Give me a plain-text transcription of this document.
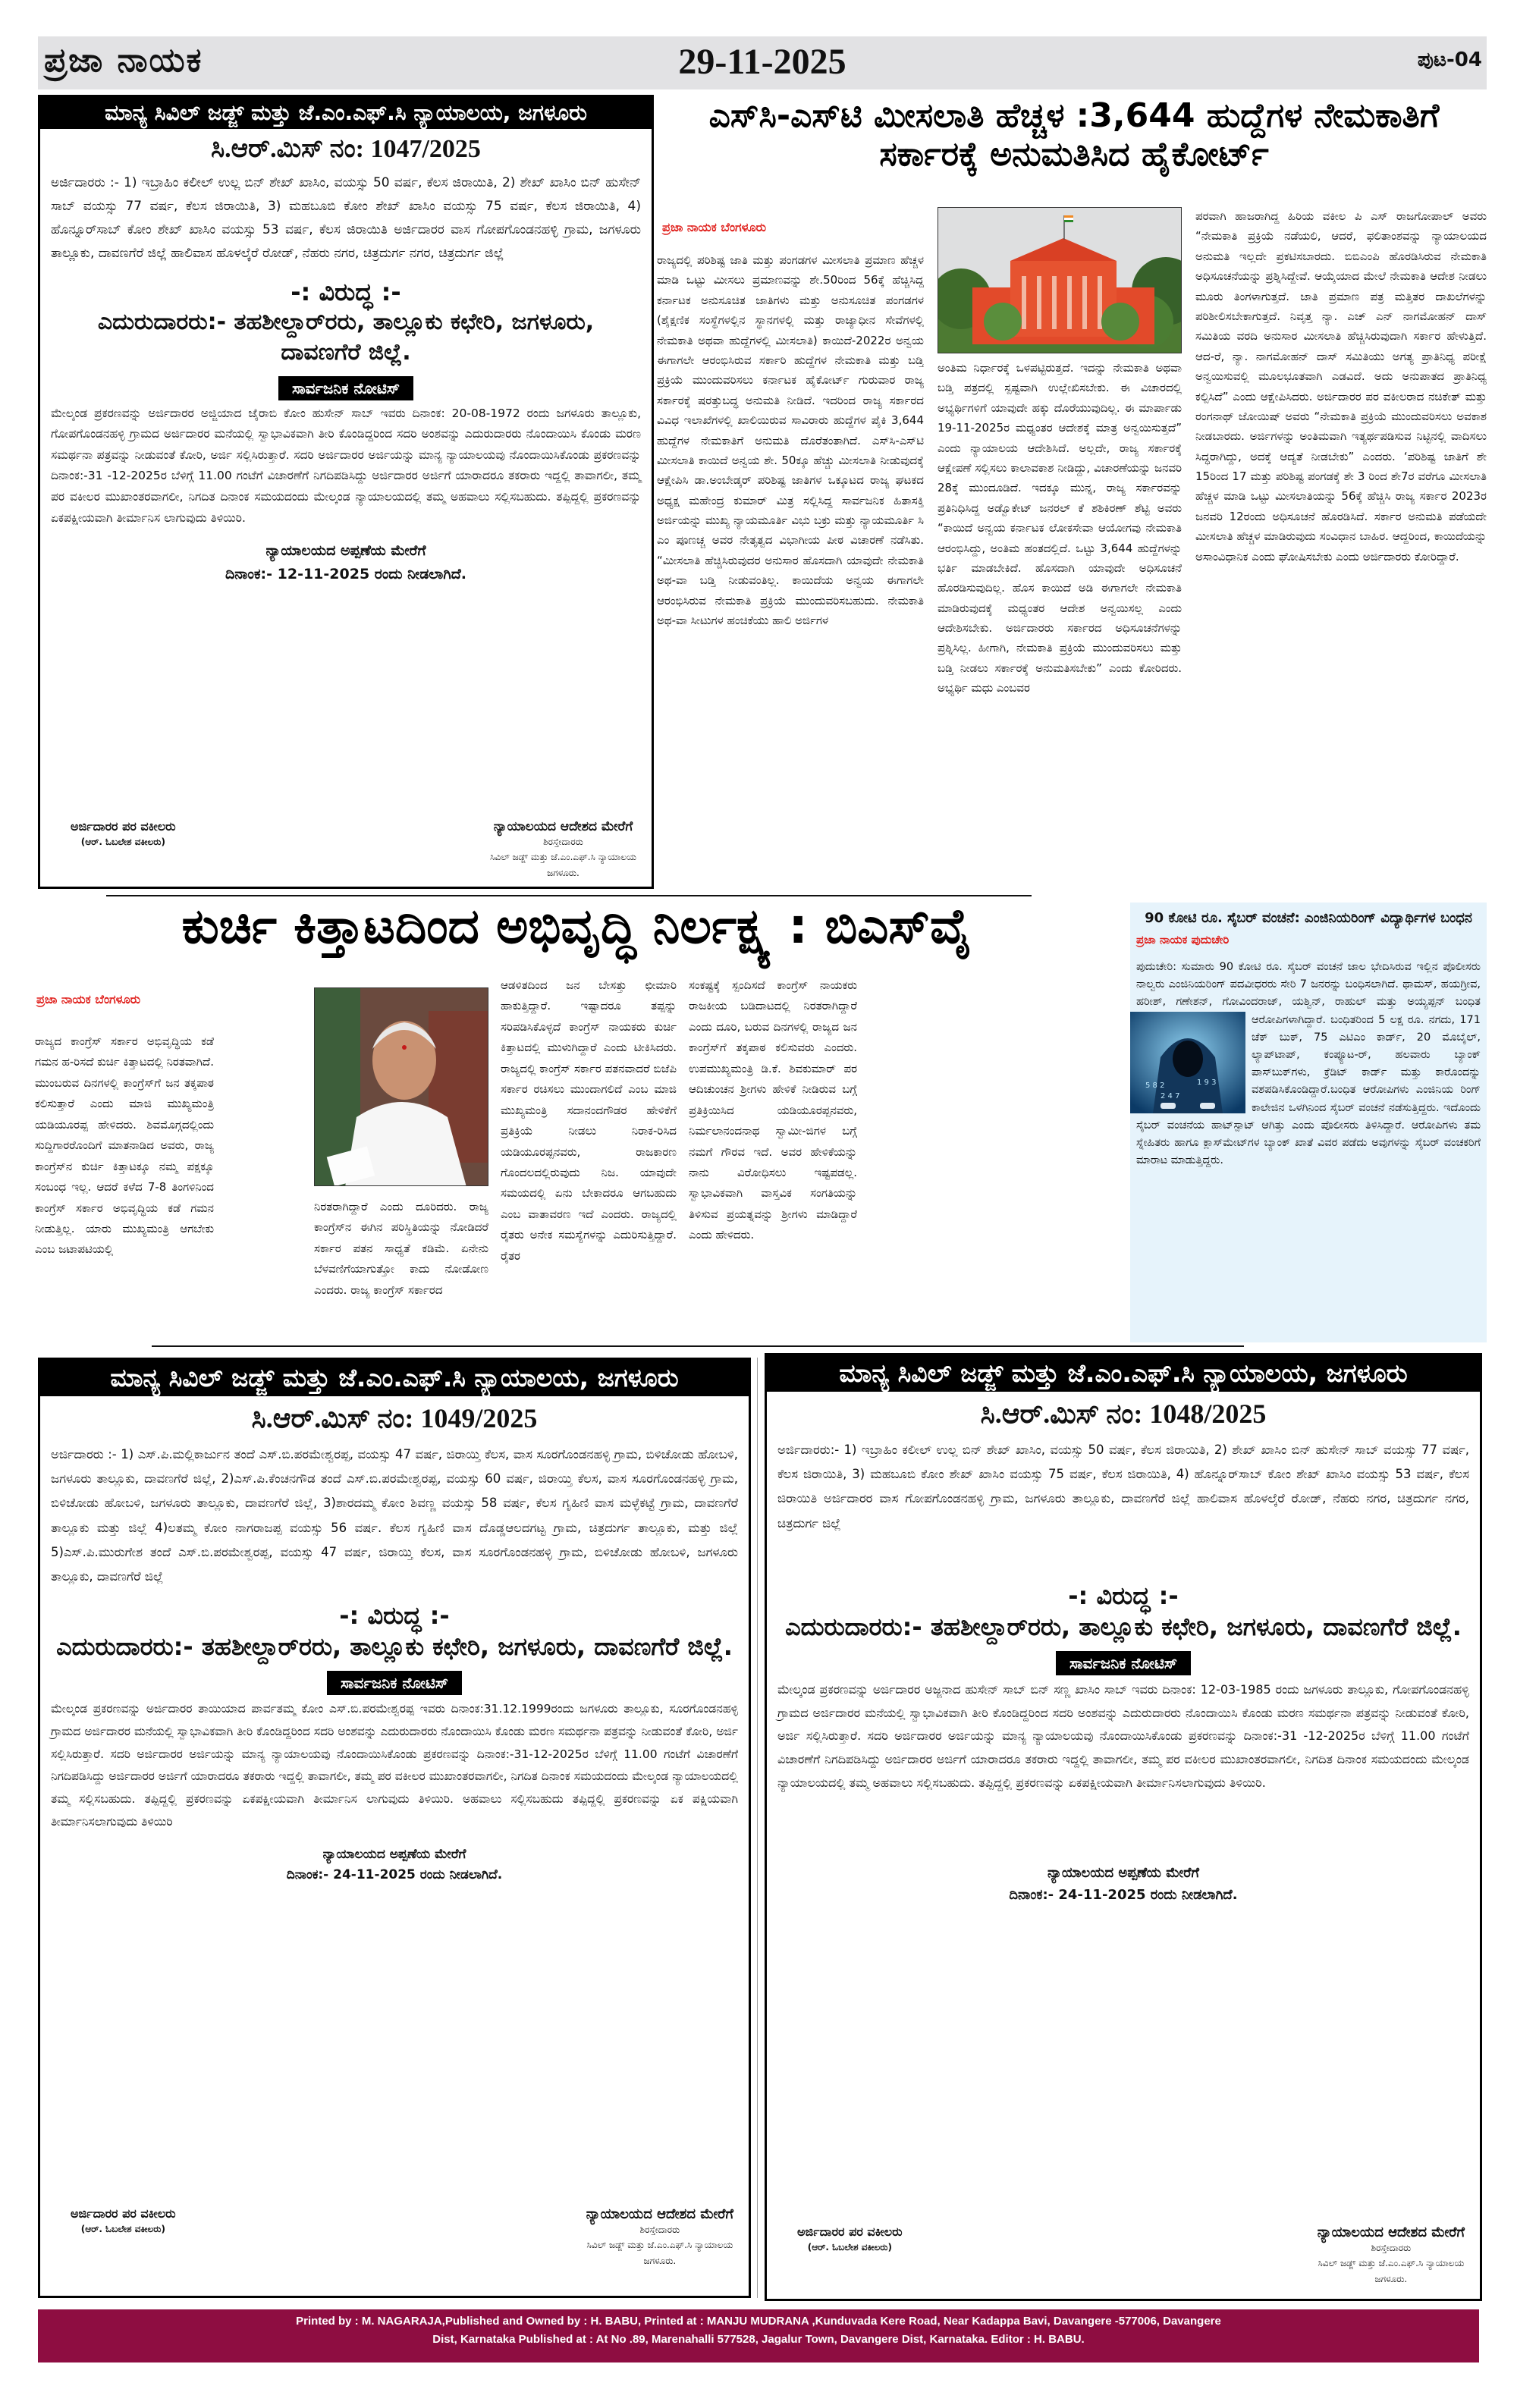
ಪ್ರಜಾ ನಾಯಕ	29-11-2025	ಪುಟ-04
ಮಾನ್ಯ ಸಿವಿಲ್ ಜಡ್ಜ್ ಮತ್ತು ಜೆ.ಎಂ.ಎಫ್.ಸಿ ನ್ಯಾಯಾಲಯ, ಜಗಳೂರು
ಸಿ.ಆರ್.ಮಿಸ್ ನಂ: 1047/2025
ಅರ್ಜಿದಾರರು :- 1) ಇಬ್ರಾಹಿಂ ಕಲೀಲ್ ಉಲ್ಲ ಬಿನ್ ಶೇಖ್ ಖಾಸಿಂ, ವಯಸ್ಸು 50 ವರ್ಷ, ಕೆಲಸ ಜಿರಾಯಿತಿ, 2) ಶೇಖ್ ಖಾಸಿಂ ಬಿನ್ ಹುಸೇನ್ ಸಾಬ್ ವಯಸ್ಸು 77 ವರ್ಷ, ಕೆಲಸ ಜಿರಾಯಿತಿ, 3) ಮಹಬೂಬಿ ಕೋಂ ಶೇಖ್ ಖಾಸಿಂ ವಯಸ್ಸು 75 ವರ್ಷ, ಕೆಲಸ ಜಿರಾಯಿತಿ, 4) ಹೊನ್ನೂರ್‌ಸಾಬ್ ಕೋಂ ಶೇಖ್ ಖಾಸಿಂ ವಯಸ್ಸು 53 ವರ್ಷ, ಕೆಲಸ ಜಿರಾಯಿತಿ ಅರ್ಜಿದಾರರ ವಾಸ ಗೋಪಗೊಂಡನಹಳ್ಳಿ ಗ್ರಾಮ, ಜಗಳೂರು ತಾಲ್ಲೂಕು, ದಾವಣಗೆರೆ ಜಿಲ್ಲೆ ಹಾಲಿವಾಸ ಹೊಳಲ್ಕೆರೆ ರೋಡ್, ನೆಹರು ನಗರ, ಚಿತ್ರದುರ್ಗ ನಗರ, ಚಿತ್ರದುರ್ಗ ಜಿಲ್ಲೆ
-: ವಿರುದ್ಧ :-
ಎದುರುದಾರರು:- ತಹಶೀಲ್ದಾರ್‌ರರು, ತಾಲ್ಲೂಕು ಕಛೇರಿ, ಜಗಳೂರು, ದಾವಣಗೆರೆ ಜಿಲ್ಲೆ.
ಸಾರ್ವಜನಿಕ ನೋಟಿಸ್
ಮೇಲ್ಕಂಡ ಪ್ರಕರಣವನ್ನು ಅರ್ಜಿದಾರರ ಅಜ್ಜಿಯಾದ ಜೈರಾಬಿ ಕೋಂ ಹುಸೇನ್ ಸಾಬ್ ಇವರು ದಿನಾಂಕ: 20-08-1972 ರಂದು ಜಗಳೂರು ತಾಲ್ಲೂಕು, ಗೋಪಗೊಂಡನಹಳ್ಳಿ ಗ್ರಾಮದ ಅರ್ಜಿದಾರರ ಮನೆಯಲ್ಲಿ ಸ್ವಾಭಾವಿಕವಾಗಿ ತೀರಿ ಕೊಂಡಿದ್ದರಿಂದ ಸದರಿ ಅಂಶವನ್ನು ಎದುರುದಾರರು ನೊಂದಾಯಿಸಿ ಕೊಂಡು ಮರಣ ಸಮರ್ಥನಾ ಪತ್ರವನ್ನು ನೀಡುವಂತೆ ಕೋರಿ, ಅರ್ಜಿ ಸಲ್ಲಿಸಿರುತ್ತಾರೆ. ಸದರಿ ಅರ್ಜಿದಾರರ ಅರ್ಜಿಯನ್ನು ಮಾನ್ಯ ನ್ಯಾಯಾಲಯವು ನೊಂದಾಯಿಸಿಕೊಂಡು ಪ್ರಕರಣವನ್ನು ದಿನಾಂಕ:-31 -12-2025ರ ಬೆಳಿಗ್ಗೆ 11.00 ಗಂಟೆಗೆ ವಿಚಾರಣೆಗೆ ನಿಗದಿಪಡಿಸಿದ್ದು ಅರ್ಜಿದಾರರ ಅರ್ಜಿಗೆ ಯಾರಾದರೂ ತಕರಾರು ಇದ್ದಲ್ಲಿ ತಾವಾಗಲೀ, ತಮ್ಮ ಪರ ವಕೀಲರ ಮುಖಾಂತರವಾಗಲೀ, ನಿಗದಿತ ದಿನಾಂಕ ಸಮಯದಂದು ಮೇಲ್ಕಂಡ ನ್ಯಾಯಾಲಯದಲ್ಲಿ ತಮ್ಮ ಅಹವಾಲು ಸಲ್ಲಿಸಬಹುದು. ತಪ್ಪಿದ್ದಲ್ಲಿ ಪ್ರಕರಣವನ್ನು ಏಕಪಕ್ಷೀಯವಾಗಿ ತೀರ್ಮಾನಿಸ ಲಾಗುವುದು ತಿಳಿಯಿರಿ.
ನ್ಯಾಯಾಲಯದ ಅಪ್ಪಣೆಯ ಮೇರೆಗೆ
ದಿನಾಂಕ:- 12-11-2025 ರಂದು ನೀಡಲಾಗಿದೆ.
ಅರ್ಜಿದಾರರ ಪರ ವಕೀಲರು
(ಆರ್. ಓಬಲೇಶ ವಕೀಲರು)
ನ್ಯಾಯಾಲಯದ ಆದೇಶದ ಮೇರೆಗೆ
ಶಿರಸ್ತೇದಾರರು
ಸಿವಿಲ್ ಜಡ್ಜ್ ಮತ್ತು ಜೆ.ಎಂ.ಎಫ್.ಸಿ ನ್ಯಾಯಾಲಯ
ಜಗಳೂರು.
ಎಸ್‌ಸಿ-ಎಸ್‌ಟಿ ಮೀಸಲಾತಿ ಹೆಚ್ಚಳ :3,644 ಹುದ್ದೆಗಳ ನೇಮಕಾತಿಗೆ ಸರ್ಕಾರಕ್ಕೆ ಅನುಮತಿಸಿದ ಹೈಕೋರ್ಟ್
ಪ್ರಜಾ ನಾಯಕ ಬೆಂಗಳೂರು
ರಾಜ್ಯದಲ್ಲಿ ಪರಿಶಿಷ್ಟ ಜಾತಿ ಮತ್ತು ಪಂಗಡಗಳ ಮೀಸಲಾತಿ ಪ್ರಮಾಣ ಹೆಚ್ಚಳ ಮಾಡಿ ಒಟ್ಟು ಮೀಸಲು ಪ್ರಮಾಣವನ್ನು ಶೇ.50ರಿಂದ 56ಕ್ಕೆ ಹೆಚ್ಚಿಸಿದ್ದ ಕರ್ನಾಟಕ ಅನುಸೂಚಿತ ಜಾತಿಗಳು ಮತ್ತು ಅನುಸೂಚಿತ ಪಂಗಡಗಳ (ಶೈಕ್ಷಣಿಕ ಸಂಸ್ಥೆಗಳಲ್ಲಿನ ಸ್ಥಾನಗಳಲ್ಲಿ ಮತ್ತು ರಾಜ್ಯಾಧೀನ ಸೇವೆಗಳಲ್ಲಿ ನೇಮಕಾತಿ ಅಥವಾ ಹುದ್ದೆಗಳಲ್ಲಿ ಮೀಸಲಾತಿ) ಕಾಯಿದೆ-2022ರ ಅನ್ವಯ ಈಗಾಗಲೇ ಆರಂಭಿಸಿರುವ ಸರ್ಕಾರಿ ಹುದ್ದೆಗಳ ನೇಮಕಾತಿ ಮತ್ತು ಬಡ್ತಿ ಪ್ರಕ್ರಿಯೆ ಮುಂದುವರಿಸಲು ಕರ್ನಾಟಕ ಹೈಕೋರ್ಟ್ ಗುರುವಾರ ರಾಜ್ಯ ಸರ್ಕಾರಕ್ಕೆ ಷರತ್ತುಬದ್ಧ ಅನುಮತಿ ನೀಡಿದೆ. ಇದರಿಂದ ರಾಜ್ಯ ಸರ್ಕಾರದ ವಿವಿಧ ಇಲಾಖೆಗಳಲ್ಲಿ ಖಾಲಿಯಿರುವ ಸಾವಿರಾರು ಹುದ್ದೆಗಳ ಪೈಕಿ 3,644 ಹುದ್ದೆಗಳ ನೇಮಕಾತಿಗೆ ಅನುಮತಿ ದೊರೆತಂತಾಗಿದೆ. ಎಸ್‌ಸಿ-ಎಸ್‌ಟಿ ಮೀಸಲಾತಿ ಕಾಯಿದೆ ಅನ್ವಯ ಶೇ. 50ಕ್ಕೂ ಹೆಚ್ಚು ಮೀಸಲಾತಿ ನೀಡುವುದಕ್ಕೆ ಆಕ್ಷೇಪಿಸಿ ಡಾ.ಅಂಬೇಡ್ಕರ್ ಪರಿಶಿಷ್ಟ ಜಾತಿಗಳ ಒಕ್ಕೂಟದ ರಾಜ್ಯ ಘಟಕದ ಅಧ್ಯಕ್ಷ ಮಹೇಂದ್ರ ಕುಮಾರ್ ಮಿತ್ರ ಸಲ್ಲಿಸಿದ್ದ ಸಾರ್ವಜನಿಕ ಹಿತಾಸಕ್ತಿ ಅರ್ಜಿಯನ್ನು ಮುಖ್ಯ ನ್ಯಾಯಮೂರ್ತಿ ವಿಭು ಬಕ್ರು ಮತ್ತು ನ್ಯಾಯಮೂರ್ತಿ ಸಿ ಎಂ ಪೂಣಚ್ಚ ಅವರ ನೇತೃತ್ವದ ವಿಭಾಗೀಯ ಪೀಠ ವಿಚಾರಣೆ ನಡೆಸಿತು. “ಮೀಸಲಾತಿ ಹೆಚ್ಚಿಸಿರುವುದರ ಅನುಸಾರ ಹೊಸದಾಗಿ ಯಾವುದೇ ನೇಮಕಾತಿ ಅಥ-ವಾ ಬಡ್ತಿ ನೀಡುವಂತಿಲ್ಲ. ಕಾಯಿದೆಯ ಅನ್ವಯ ಈಗಾಗಲೇ ಆರಂಭಿಸಿರುವ ನೇಮಕಾತಿ ಪ್ರಕ್ರಿಯೆ ಮುಂದುವರಿಸಬಹುದು. ನೇಮಕಾತಿ ಅಥ-ವಾ ಸೀಟುಗಳ ಹಂಚಿಕೆಯು ಹಾಲಿ ಅರ್ಜಿಗಳ
ಅಂತಿಮ ನಿರ್ಧಾರಕ್ಕೆ ಒಳಪಟ್ಟಿರುತ್ತದೆ. ಇದನ್ನು ನೇಮಕಾತಿ ಅಥವಾ ಬಡ್ತಿ ಪತ್ರದಲ್ಲಿ ಸ್ಪಷ್ಟವಾಗಿ ಉಲ್ಲೇಖಿಸಬೇಕು. ಈ ವಿಚಾರದಲ್ಲಿ ಅಭ್ಯರ್ಥಿಗಳಿಗೆ ಯಾವುದೇ ಹಕ್ಕು ದೊರೆಯುವುದಿಲ್ಲ. ಈ ಮಾರ್ಪಾಡು 19-11-2025ರ ಮಧ್ಯಂತರ ಆದೇಶಕ್ಕೆ ಮಾತ್ರ ಅನ್ವಯಿಸುತ್ತದೆ” ಎಂದು ನ್ಯಾಯಾಲಯ ಆದೇಶಿಸಿದೆ. ಅಲ್ಲದೇ, ರಾಜ್ಯ ಸರ್ಕಾರಕ್ಕೆ ಆಕ್ಷೇಪಣೆ ಸಲ್ಲಿಸಲು ಕಾಲಾವಕಾಶ ನೀಡಿದ್ದು, ವಿಚಾರಣೆಯನ್ನು ಜನವರಿ 28ಕ್ಕೆ ಮುಂದೂಡಿದೆ. ಇದಕ್ಕೂ ಮುನ್ನ, ರಾಜ್ಯ ಸರ್ಕಾರವನ್ನು ಪ್ರತಿನಿಧಿಸಿದ್ದ ಅಡ್ವೊಕೇಟ್ ಜನರಲ್ ಕೆ ಶಶಿಕಿರಣ್ ಶೆಟ್ಟಿ ಅವರು “ಕಾಯಿದೆ ಅನ್ವಯ ಕರ್ನಾಟಕ ಲೋಕಸೇವಾ ಆಯೋಗವು ನೇಮಕಾತಿ ಆರಂಭಿಸಿದ್ದು, ಅಂತಿಮ ಹಂತದಲ್ಲಿದೆ. ಒಟ್ಟು 3,644 ಹುದ್ದೆಗಳನ್ನು ಭರ್ತಿ ಮಾಡಬೇಕಿದೆ. ಹೊಸದಾಗಿ ಯಾವುದೇ ಅಧಿಸೂಚನೆ ಹೊರಡಿಸುವುದಿಲ್ಲ. ಹೊಸ ಕಾಯಿದೆ ಅಡಿ ಈಗಾಗಲೇ ನೇಮಕಾತಿ ಮಾಡಿರುವುದಕ್ಕೆ ಮಧ್ಯಂತರ ಆದೇಶ ಅನ್ವಯಿಸಲ್ಲ ಎಂದು ಆದೇಶಿಸಬೇಕು. ಅರ್ಜಿದಾರರು ಸರ್ಕಾರದ ಅಧಿಸೂಚನೆಗಳನ್ನು ಪ್ರಶ್ನಿಸಿಲ್ಲ. ಹೀಗಾಗಿ, ನೇಮಕಾತಿ ಪ್ರಕ್ರಿಯೆ ಮುಂದುವರಿಸಲು ಮತ್ತು ಬಡ್ತಿ ನೀಡಲು ಸರ್ಕಾರಕ್ಕೆ ಅನುಮತಿಸಬೇಕು” ಎಂದು ಕೋರಿದರು. ಅಭ್ಯರ್ಥಿ ಮಧು ಎಂಬವರ
ಪರವಾಗಿ ಹಾಜರಾಗಿದ್ದ ಹಿರಿಯ ವಕೀಲ ಪಿ ಎಸ್ ರಾಜಗೋಪಾಲ್ ಅವರು “ನೇಮಕಾತಿ ಪ್ರಕ್ರಿಯೆ ನಡೆಯಲಿ, ಆದರೆ, ಫಲಿತಾಂಶವನ್ನು ನ್ಯಾಯಾಲಯದ ಅನುಮತಿ ಇಲ್ಲದೇ ಪ್ರಕಟಿಸಬಾರದು. ಬಿಬಿಎಂಪಿ ಹೊರಡಿಸಿರುವ ನೇಮಕಾತಿ ಅಧಿಸೂಚನೆಯನ್ನು ಪ್ರಶ್ನಿಸಿದ್ದೇವೆ. ಆಯ್ಕೆಯಾದ ಮೇಲೆ ನೇಮಕಾತಿ ಆದೇಶ ನೀಡಲು ಮೂರು ತಿಂಗಳಾಗುತ್ತದೆ. ಜಾತಿ ಪ್ರಮಾಣ ಪತ್ರ ಮತ್ತಿತರ ದಾಖಲೆಗಳನ್ನು ಪರಿಶೀಲಿಸಬೇಕಾಗುತ್ತದೆ. ನಿವೃತ್ತ ನ್ಯಾ. ಎಚ್ ಎನ್ ನಾಗಮೋಹನ್ ದಾಸ್ ಸಮಿತಿಯ ವರದಿ ಅನುಸಾರ ಮೀಸಲಾತಿ ಹೆಚ್ಚಿಸಿರುವುದಾಗಿ ಸರ್ಕಾರ ಹೇಳುತ್ತಿದೆ. ಆದ-ರೆ, ನ್ಯಾ. ನಾಗಮೋಹನ್ ದಾಸ್ ಸಮಿತಿಯು ಅಗತ್ಯ ಪ್ರಾತಿನಿಧ್ಯ ಪರೀಕ್ಷೆ ಅನ್ವಯಿಸುವಲ್ಲಿ ಮೂಲಭೂತವಾಗಿ ಎಡವಿದೆ. ಅದು ಅನುಪಾತದ ಪ್ರಾತಿನಿಧ್ಯ ಕಲ್ಪಿಸಿದೆ” ಎಂದು ಆಕ್ಷೇಪಿಸಿದರು. ಅರ್ಜಿದಾರರ ಪರ ವಕೀಲರಾದ ನಚಿಕೇತ್ ಮತ್ತು ರಂಗನಾಥ್ ಜೋಯಿಷ್ ಅವರು “ನೇಮಕಾತಿ ಪ್ರಕ್ರಿಯೆ ಮುಂದುವರಿಸಲು ಅವಕಾಶ ನೀಡಬಾರದು. ಅರ್ಜಿಗಳನ್ನು ಅಂತಿಮವಾಗಿ ಇತ್ಯರ್ಥಪಡಿಸುವ ನಿಟ್ಟಿನಲ್ಲಿ ವಾದಿಸಲು ಸಿದ್ಧರಾಗಿದ್ದು, ಅದಕ್ಕೆ ಆದ್ಯತೆ ನೀಡಬೇಕು” ಎಂದರು. ‘ಪರಿಶಿಷ್ಟ ಜಾತಿಗೆ ಶೇ 15ರಿಂದ 17 ಮತ್ತು ಪರಿಶಿಷ್ಟ ಪಂಗಡಕ್ಕೆ ಶೇ 3 ರಿಂದ ಶೇ7ರ ವರೆಗೂ ಮೀಸಲಾತಿ ಹೆಚ್ಚಳ ಮಾಡಿ ಒಟ್ಟು ಮೀಸಲಾತಿಯನ್ನು 56ಕ್ಕೆ ಹೆಚ್ಚಿಸಿ ರಾಜ್ಯ ಸರ್ಕಾರ 2023ರ ಜನವರಿ 12ರಂದು ಅಧಿಸೂಚನೆ ಹೊರಡಿಸಿದೆ. ಸರ್ಕಾರ ಅನುಮತಿ ಪಡೆಯದೇ ಮೀಸಲಾತಿ ಹೆಚ್ಚಳ ಮಾಡಿರುವುದು ಸಂವಿಧಾನ ಬಾಹಿರ. ಆದ್ದರಿಂದ, ಕಾಯಿದೆಯನ್ನು ಅಸಾಂವಿಧಾನಿಕ ಎಂದು ಘೋಷಿಸಬೇಕು ಎಂದು ಅರ್ಜಿದಾರರು ಕೋರಿದ್ದಾರೆ.
ಕುರ್ಚಿ ಕಿತ್ತಾಟದಿಂದ ಅಭಿವೃದ್ಧಿ ನಿರ್ಲಕ್ಷ್ಯ : ಬಿಎಸ್‌ವೈ
ಪ್ರಜಾ ನಾಯಕ ಬೆಂಗಳೂರು
ರಾಜ್ಯದ ಕಾಂಗ್ರೆಸ್ ಸರ್ಕಾರ ಅಭಿವೃದ್ಧಿಯ ಕಡೆ ಗಮನ ಹ-ರಿಸದೆ ಕುರ್ಚಿ ಕಿತ್ತಾಟದಲ್ಲಿ ನಿರತವಾಗಿದೆ. ಮುಂಬರುವ ದಿನಗಳಲ್ಲಿ ಕಾಂಗ್ರೆಸ್‌ಗೆ ಜನ ತಕ್ಕಪಾಠ ಕಲಿಸುತ್ತಾರೆ ಎಂದು ಮಾಜಿ ಮುಖ್ಯಮಂತ್ರಿ ಯಡಿಯೂರಪ್ಪ ಹೇಳಿದರು. ಶಿವಮೊಗ್ಗದಲ್ಲಿಂದು ಸುದ್ದಿಗಾರರೊಂದಿಗೆ ಮಾತನಾಡಿದ ಅವರು, ರಾಜ್ಯ ಕಾಂಗ್ರೆಸ್‌ನ ಕುರ್ಚಿ ಕಿತ್ತಾಟಕ್ಕೂ ನಮ್ಮ ಪಕ್ಷಕ್ಕೂ ಸಂಬಂಧ ಇಲ್ಲ. ಆದರೆ ಕಳೆದ 7-8 ತಿಂಗಳಿನಿಂದ ಕಾಂಗ್ರೆಸ್ ಸರ್ಕಾರ ಅಭಿವೃದ್ಧಿಯ ಕಡೆ ಗಮನ ನೀಡುತ್ತಿಲ್ಲ. ಯಾರು ಮುಖ್ಯಮಂತ್ರಿ ಆಗಬೇಕು ಎಂಬ ಜಟಾಪಟಿಯಲ್ಲಿ
ನಿರತರಾಗಿದ್ದಾರೆ ಎಂದು ದೂರಿದರು. ರಾಜ್ಯ ಕಾಂಗ್ರೆಸ್‌ನ ಈಗಿನ ಪರಿಸ್ಥಿತಿಯನ್ನು ನೋಡಿದರೆ ಸರ್ಕಾರ ಪತನ ಸಾಧ್ಯತೆ ಕಡಿಮೆ. ಏನೇನು ಬೆಳವಣಿಗೆಯಾಗುತ್ತೋ ಕಾದು ನೋಡೋಣ ಎಂದರು. ರಾಜ್ಯ ಕಾಂಗ್ರೆಸ್ ಸರ್ಕಾರದ
ಆಡಳಿತದಿಂದ ಜನ ಬೇಸತ್ತು ಛೀಮಾರಿ ಹಾಕುತ್ತಿದ್ದಾರೆ. ಇಷ್ಟಾದರೂ ತಪ್ಪನ್ನು ಸರಿಪಡಿಸಿಕೊಳ್ಳದೆ ಕಾಂಗ್ರೆಸ್ ನಾಯಕರು ಕುರ್ಚಿ ಕಿತ್ತಾಟದಲ್ಲಿ ಮುಳುಗಿದ್ದಾರೆ ಎಂದು ಟೀಕಿಸಿದರು. ರಾಜ್ಯದಲ್ಲಿ ಕಾಂಗ್ರೆಸ್ ಸರ್ಕಾರ ಪತನವಾದರೆ ಬಿಜೆಪಿ ಸರ್ಕಾರ ರಚಿಸಲು ಮುಂದಾಗಲಿದೆ ಎಂಬ ಮಾಜಿ ಮುಖ್ಯಮಂತ್ರಿ ಸದಾನಂದಗೌಡರ ಹೇಳಿಕೆಗೆ ಪ್ರತಿಕ್ರಿಯೆ ನೀಡಲು ನಿರಾಕ-ರಿಸಿದ ಯಡಿಯೂರಪ್ಪನವರು, ರಾಜಕಾರಣ ಗೊಂದಲದಲ್ಲಿರುವುದು ನಿಜ. ಯಾವುದೇ ಸಮಯದಲ್ಲಿ ಏನು ಬೇಕಾದರೂ ಆಗಬಹುದು ಎಂಬ ವಾತಾವರಣ ಇದೆ ಎಂದರು. ರಾಜ್ಯದಲ್ಲಿ ರೈತರು ಅನೇಕ ಸಮಸ್ಯೆಗಳನ್ನು ಎದುರಿಸುತ್ತಿದ್ದಾರೆ. ರೈತರ
ಸಂಕಷ್ಟಕ್ಕೆ ಸ್ಪಂದಿಸದೆ ಕಾಂಗ್ರೆಸ್ ನಾಯಕರು ರಾಜಕೀಯ ಬಡಿದಾಟದಲ್ಲಿ ನಿರತರಾಗಿದ್ದಾರೆ ಎಂದು ದೂರಿ, ಬರುವ ದಿನಗಳಲ್ಲಿ ರಾಜ್ಯದ ಜನ ಕಾಂಗ್ರೆಸ್‌ಗೆ ತಕ್ಕಪಾಠ ಕಲಿಸುವರು ಎಂದರು. ಉಪಮುಖ್ಯಮಂತ್ರಿ ಡಿ.ಕೆ. ಶಿವಕುಮಾರ್ ಪರ ಆದಿಚುಂಚನ ಶ್ರೀಗಳು ಹೇಳಿಕೆ ನೀಡಿರುವ ಬಗ್ಗೆ ಪ್ರತಿಕ್ರಿಯಿಸಿದ ಯಡಿಯೂರಪ್ಪನವರು, ನಿರ್ಮಲಾನಂದನಾಥ ಸ್ವಾಮೀ-ಜಿಗಳ ಬಗ್ಗೆ ನಮಗೆ ಗೌರವ ಇದೆ. ಅವರ ಹೇಳಿಕೆಯನ್ನು ನಾನು ವಿರೋಧಿಸಲು ಇಷ್ಟಪಡಲ್ಲ. ಸ್ವಾಭಾವಿಕವಾಗಿ ವಾಸ್ತವಿಕ ಸಂಗತಿಯನ್ನು ತಿಳಿಸುವ ಪ್ರಯತ್ನವನ್ನು ಶ್ರೀಗಳು ಮಾಡಿದ್ದಾರೆ ಎಂದು ಹೇಳಿದರು.
90 ಕೋಟಿ ರೂ. ಸೈಬರ್ ವಂಚನೆ: ಎಂಜಿನಿಯರಿಂಗ್ ವಿದ್ಯಾರ್ಥಿಗಳ ಬಂಧನ
ಪ್ರಜಾ ನಾಯಕ ಪುದುಚೇರಿ
ಪುದುಚೇರಿ: ಸುಮಾರು 90 ಕೋಟಿ ರೂ. ಸೈಬರ್ ವಂಚನೆ ಜಾಲ ಭೇದಿಸಿರುವ ಇಲ್ಲಿನ ಪೊಲೀಸರು ನಾಲ್ವರು ಎಂಜಿನಿಯರಿಂಗ್ ಪದವೀಧರರು ಸೇರಿ 7 ಜನರನ್ನು ಬಂಧಿಸಲಾಗಿದೆ. ಥಾಮಸ್, ಹಯಗ್ರೀವ, ಹರೀಶ್, ಗಣೇಶನ್, ಗೋವಿಂದರಾಜ್, ಯಶ್ವಿನ್, ರಾಹುಲ್ ಮತ್ತು ಅಯ್ಯಪ್ಪನ್ ಬಂಧಿತ ಆರೋಪಿಗಳಾಗಿದ್ದಾರೆ.
5 8 2	1 9 3
2 4 7
ಬಂಧಿತರಿಂದ 5 ಲಕ್ಷ ರೂ. ನಗದು, 171 ಚೆಕ್ ಬುಕ್, 75 ಎಟಿಎಂ ಕಾರ್ಡ್, 20 ಮೊಬೈಲ್, ಲ್ಯಾಪ್‌ಟಾಪ್, ಕಂಪ್ಯೂಟ-ರ್, ಹಲವಾರು ಬ್ಯಾಂಕ್ ಪಾಸ್‌ಬುಕ್‌ಗಳು, ಕ್ರೆಡಿಟ್ ಕಾರ್ಡ್ ಮತ್ತು ಕಾರೊಂದನ್ನು ವಶಪಡಿಸಿಕೊಂಡಿದ್ದಾರೆ.ಬಂಧಿತ ಆರೋಪಿಗಳು ಎಂಜಿನಿಯ ರಿಂಗ್ ಕಾಲೇಜಿನ ಒಳಗಿನಿಂದ ಸೈಬರ್ ವಂಚನೆ ನಡೆಸುತ್ತಿದ್ದರು. ಇದೊಂದು ಸೈಬರ್ ವಂಚನೆಯ ಹಾಟ್‌ಸ್ಪಾಟ್ ಆಗಿತ್ತು ಎಂದು ಪೊಲೀಸರು ತಿಳಿಸಿದ್ದಾರೆ. ಆರೋಪಿಗಳು ತಮ ಸ್ನೇಹಿತರು ಹಾಗೂ ಕ್ಲಾಸ್‌ಮೇಟ್‌ಗಳ ಬ್ಯಾಂಕ್ ಖಾತೆ ವಿವರ ಪಡೆದು ಅವುಗಳನ್ನು ಸೈಬರ್ ವಂಚಕರಿಗೆ ಮಾರಾಟ ಮಾಡುತ್ತಿದ್ದರು.
ಮಾನ್ಯ ಸಿವಿಲ್ ಜಡ್ಜ್ ಮತ್ತು ಜೆ.ಎಂ.ಎಫ್.ಸಿ ನ್ಯಾಯಾಲಯ, ಜಗಳೂರು
ಸಿ.ಆರ್.ಮಿಸ್ ನಂ: 1049/2025
ಅರ್ಜಿದಾರರು :- 1) ಎಸ್.ಪಿ.ಮಲ್ಲಿಕಾರ್ಜುನ ತಂದೆ ಎಸ್.ಬಿ.ಪರಮೇಶ್ವರಪ್ಪ, ವಯಸ್ಸು 47 ವರ್ಷ, ಜಿರಾಯ್ತಿ ಕೆಲಸ, ವಾಸ ಸೂರಗೊಂಡನಹಳ್ಳಿ ಗ್ರಾಮ, ಬಿಳಿಚೋಡು ಹೋಬಳಿ, ಜಗಳೂರು ತಾಲ್ಲೂಕು, ದಾವಣಗೆರೆ ಜಿಲ್ಲೆ, 2)ಎಸ್.ಪಿ.ಕೆಂಚನಗೌಡ ತಂದೆ ಎಸ್.ಬಿ.ಪರಮೇಶ್ವರಪ್ಪ, ವಯಸ್ಸು 60 ವರ್ಷ, ಜಿರಾಯ್ತಿ ಕೆಲಸ, ವಾಸ ಸೂರಗೊಂಡನಹಳ್ಳಿ ಗ್ರಾಮ, ಬಿಳಿಚೋಡು ಹೋಬಳಿ, ಜಗಳೂರು ತಾಲ್ಲೂಕು, ದಾವಣಗೆರೆ ಜಿಲ್ಲೆ, 3)ಶಾರದಮ್ಮ ಕೋಂ ಶಿವಣ್ಣ ವಯಸ್ಸು 58 ವರ್ಷ, ಕೆಲಸ ಗೃಹಿಣಿ ವಾಸ ಮಳ್ಳೆಕಟ್ಟೆ ಗ್ರಾಮ, ದಾವಣಗೆರೆ ತಾಲ್ಲೂಕು ಮತ್ತು ಜಿಲ್ಲೆ 4)ಲತಮ್ಮ ಕೋಂ ನಾಗರಾಜಪ್ಪ ವಯಸ್ಸು 56 ವರ್ಷ. ಕೆಲಸ ಗೃಹಿಣಿ ವಾಸ ದೊಡ್ಡಆಲದಗಟ್ಟ ಗ್ರಾಮ, ಚಿತ್ರದುರ್ಗ ತಾಲ್ಲೂಕು, ಮತ್ತು ಜಿಲ್ಲೆ 5)ಎಸ್.ಪಿ.ಮುರುಗೇಶ ತಂದೆ ಎಸ್.ಬಿ.ಪರಮೇಶ್ವರಪ್ಪ, ವಯಸ್ಸು 47 ವರ್ಷ, ಜಿರಾಯ್ತಿ ಕೆಲಸ, ವಾಸ ಸೂರಗೊಂಡನಹಳ್ಳಿ ಗ್ರಾಮ, ಬಿಳಿಚೋಡು ಹೋಬಳಿ, ಜಗಳೂರು ತಾಲ್ಲೂಕು, ದಾವಣಗೆರೆ ಜಿಲ್ಲೆ
-: ವಿರುದ್ಧ :-
ಎದುರುದಾರರು:- ತಹಶೀಲ್ದಾರ್‌ರರು, ತಾಲ್ಲೂಕು ಕಛೇರಿ, ಜಗಳೂರು, ದಾವಣಗೆರೆ ಜಿಲ್ಲೆ.
ಸಾರ್ವಜನಿಕ ನೋಟಿಸ್
ಮೇಲ್ಕಂಡ ಪ್ರಕರಣವನ್ನು ಅರ್ಜಿದಾರರ ತಾಯಿಯಾದ ಪಾರ್ವತಮ್ಮ ಕೋಂ ಎಸ್.ಬಿ.ಪರಮೇಶ್ವರಪ್ಪ ಇವರು ದಿನಾಂಕ:31.12.1999ರಂದು ಜಗಳೂರು ತಾಲ್ಲೂಕು, ಸೂರಗೊಂಡನಹಳ್ಳಿ ಗ್ರಾಮದ ಅರ್ಜಿದಾರರ ಮನೆಯಲ್ಲಿ ಸ್ವಾಭಾವಿಕವಾಗಿ ತೀರಿ ಕೊಂಡಿದ್ದರಿಂದ ಸದರಿ ಅಂಶವನ್ನು ಎದುರುದಾರರು ನೊಂದಾಯಿಸಿ ಕೊಂಡು ಮರಣ ಸಮರ್ಥನಾ ಪತ್ರವನ್ನು ನೀಡುವಂತೆ ಕೋರಿ, ಅರ್ಜಿ ಸಲ್ಲಿಸಿರುತ್ತಾರೆ. ಸದರಿ ಅರ್ಜಿದಾರರ ಅರ್ಜಿಯನ್ನು ಮಾನ್ಯ ನ್ಯಾಯಾಲಯವು ನೊಂದಾಯಿಸಿಕೊಂಡು ಪ್ರಕರಣವನ್ನು ದಿನಾಂಕ:-31-12-2025ರ ಬೆಳಿಗ್ಗೆ 11.00 ಗಂಟೆಗೆ ವಿಚಾರಣೆಗೆ ನಿಗದಿಪಡಿಸಿದ್ದು ಅರ್ಜಿದಾರರ ಅರ್ಜಿಗೆ ಯಾರಾದರೂ ತಕರಾರು ಇದ್ದಲ್ಲಿ ತಾವಾಗಲೀ, ತಮ್ಮ ಪರ ವಕೀಲರ ಮುಖಾಂತರವಾಗಲೀ, ನಿಗದಿತ ದಿನಾಂಕ ಸಮಯದಂದು ಮೇಲ್ಕಂಡ ನ್ಯಾಯಾಲಯದಲ್ಲಿ ತಮ್ಮ ಸಲ್ಲಿಸಬಹುದು. ತಪ್ಪಿದ್ದಲ್ಲಿ ಪ್ರಕರಣವನ್ನು ಏಕಪಕ್ಷೀಯವಾಗಿ ತೀರ್ಮಾನಿಸ ಲಾಗುವುದು ತಿಳಿಯಿರಿ. ಅಹವಾಲು ಸಲ್ಲಿಸಬಹುದು ತಪ್ಪಿದ್ದಲ್ಲಿ ಪ್ರಕರಣವನ್ನು ಏಕ ಪಕ್ಷಿಯವಾಗಿ ತೀರ್ಮಾನಿಸಲಾಗುವುದು ತಿಳಿಯಿರಿ
ನ್ಯಾಯಾಲಯದ ಅಪ್ಪಣೆಯ ಮೇರೆಗೆ
ದಿನಾಂಕ:- 24-11-2025 ರಂದು ನೀಡಲಾಗಿದೆ.
ಅರ್ಜಿದಾರರ ಪರ ವಕೀಲರು
(ಆರ್. ಓಬಲೇಶ ವಕೀಲರು)
ನ್ಯಾಯಾಲಯದ ಆದೇಶದ ಮೇರೆಗೆ
ಶಿರಸ್ತೇದಾರರು
ಸಿವಿಲ್ ಜಡ್ಜ್ ಮತ್ತು ಜೆ.ಎಂ.ಎಫ್.ಸಿ ನ್ಯಾಯಾಲಯ
ಜಗಳೂರು.
ಮಾನ್ಯ ಸಿವಿಲ್ ಜಡ್ಜ್ ಮತ್ತು ಜೆ.ಎಂ.ಎಫ್.ಸಿ ನ್ಯಾಯಾಲಯ, ಜಗಳೂರು
ಸಿ.ಆರ್.ಮಿಸ್ ನಂ: 1048/2025
ಅರ್ಜಿದಾರರು:- 1) ಇಬ್ರಾಹಿಂ ಕಲೀಲ್ ಉಲ್ಲ ಬಿನ್ ಶೇಖ್ ಖಾಸಿಂ, ವಯಸ್ಸು 50 ವರ್ಷ, ಕೆಲಸ ಜಿರಾಯಿತಿ, 2) ಶೇಖ್ ಖಾಸಿಂ ಬಿನ್ ಹುಸೇನ್ ಸಾಬ್ ವಯಸ್ಸು 77 ವರ್ಷ, ಕೆಲಸ ಜಿರಾಯಿತಿ, 3) ಮಹಬೂಬಿ ಕೋಂ ಶೇಖ್ ಖಾಸಿಂ ವಯಸ್ಸು 75 ವರ್ಷ, ಕೆಲಸ ಜಿರಾಯಿತಿ, 4) ಹೊನ್ನೂರ್‌ಸಾಬ್ ಕೋಂ ಶೇಖ್ ಖಾಸಿಂ ವಯಸ್ಸು 53 ವರ್ಷ, ಕೆಲಸ ಜಿರಾಯಿತಿ ಅರ್ಜಿದಾರರ ವಾಸ ಗೋಪಗೊಂಡನಹಳ್ಳಿ ಗ್ರಾಮ, ಜಗಳೂರು ತಾಲ್ಲೂಕು, ದಾವಣಗೆರೆ ಜಿಲ್ಲೆ ಹಾಲಿವಾಸ ಹೊಳಲ್ಕೆರೆ ರೋಡ್, ನೆಹರು ನಗರ, ಚಿತ್ರದುರ್ಗ ನಗರ, ಚಿತ್ರದುರ್ಗ ಜಿಲ್ಲೆ
-: ವಿರುದ್ಧ :-
ಎದುರುದಾರರು:- ತಹಶೀಲ್ದಾರ್‌ರರು, ತಾಲ್ಲೂಕು ಕಛೇರಿ, ಜಗಳೂರು, ದಾವಣಗೆರೆ ಜಿಲ್ಲೆ.
ಸಾರ್ವಜನಿಕ ನೋಟಿಸ್
ಮೇಲ್ಕಂಡ ಪ್ರಕರಣವನ್ನು ಅರ್ಜಿದಾರರ ಅಜ್ಜನಾದ ಹುಸೇನ್ ಸಾಬ್ ಬಿನ್ ಸಣ್ಣ ಖಾಸಿಂ ಸಾಬ್ ಇವರು ದಿನಾಂಕ: 12-03-1985 ರಂದು ಜಗಳೂರು ತಾಲ್ಲೂಕು, ಗೋಪಗೊಂಡನಹಳ್ಳಿ ಗ್ರಾಮದ ಅರ್ಜಿದಾರರ ಮನೆಯಲ್ಲಿ ಸ್ವಾಭಾವಿಕವಾಗಿ ತೀರಿ ಕೊಂಡಿದ್ದರಿಂದ ಸದರಿ ಅಂಶವನ್ನು ಎದುರುದಾರರು ನೊಂದಾಯಿಸಿ ಕೊಂಡು ಮರಣ ಸಮರ್ಥನಾ ಪತ್ರವನ್ನು ನೀಡುವಂತೆ ಕೋರಿ, ಅರ್ಜಿ ಸಲ್ಲಿಸಿರುತ್ತಾರೆ. ಸದರಿ ಅರ್ಜಿದಾರರ ಅರ್ಜಿಯನ್ನು ಮಾನ್ಯ ನ್ಯಾಯಾಲಯವು ನೊಂದಾಯಿಸಿಕೊಂಡು ಪ್ರಕರಣವನ್ನು ದಿನಾಂಕ:-31 -12-2025ರ ಬೆಳಿಗ್ಗೆ 11.00 ಗಂಟೆಗೆ ವಿಚಾರಣೆಗೆ ನಿಗದಿಪಡಿಸಿದ್ದು ಅರ್ಜಿದಾರರ ಅರ್ಜಿಗೆ ಯಾರಾದರೂ ತಕರಾರು ಇದ್ದಲ್ಲಿ ತಾವಾಗಲೀ, ತಮ್ಮ ಪರ ವಕೀಲರ ಮುಖಾಂತರವಾಗಲೀ, ನಿಗದಿತ ದಿನಾಂಕ ಸಮಯದಂದು ಮೇಲ್ಕಂಡ ನ್ಯಾಯಾಲಯದಲ್ಲಿ ತಮ್ಮ ಅಹವಾಲು ಸಲ್ಲಿಸಬಹುದು. ತಪ್ಪಿದ್ದಲ್ಲಿ ಪ್ರಕರಣವನ್ನು ಏಕಪಕ್ಷೀಯವಾಗಿ ತೀರ್ಮಾನಿಸಲಾಗುವುದು ತಿಳಿಯಿರಿ.
ನ್ಯಾಯಾಲಯದ ಅಪ್ಪಣೆಯ ಮೇರೆಗೆ
ದಿನಾಂಕ:- 24-11-2025 ರಂದು ನೀಡಲಾಗಿದೆ.
ಅರ್ಜಿದಾರರ ಪರ ವಕೀಲರು
(ಆರ್. ಓಬಲೇಶ ವಕೀಲರು)
ನ್ಯಾಯಾಲಯದ ಆದೇಶದ ಮೇರೆಗೆ
ಶಿರಸ್ತೇದಾರರು
ಸಿವಿಲ್ ಜಡ್ಜ್ ಮತ್ತು ಜೆ.ಎಂ.ಎಫ್.ಸಿ ನ್ಯಾಯಾಲಯ
ಜಗಳೂರು.
Printed by : M. NAGARAJA,Published and Owned by : H. BABU, Printed at : MANJU MUDRANA ,Kunduvada Kere Road, Near Kadappa Bavi, Davangere -577006, Davangere
Dist, Karnataka Published at : At No .89, Marenahalli 577528, Jagalur Town, Davangere Dist, Karnataka. Editor : H. BABU.
